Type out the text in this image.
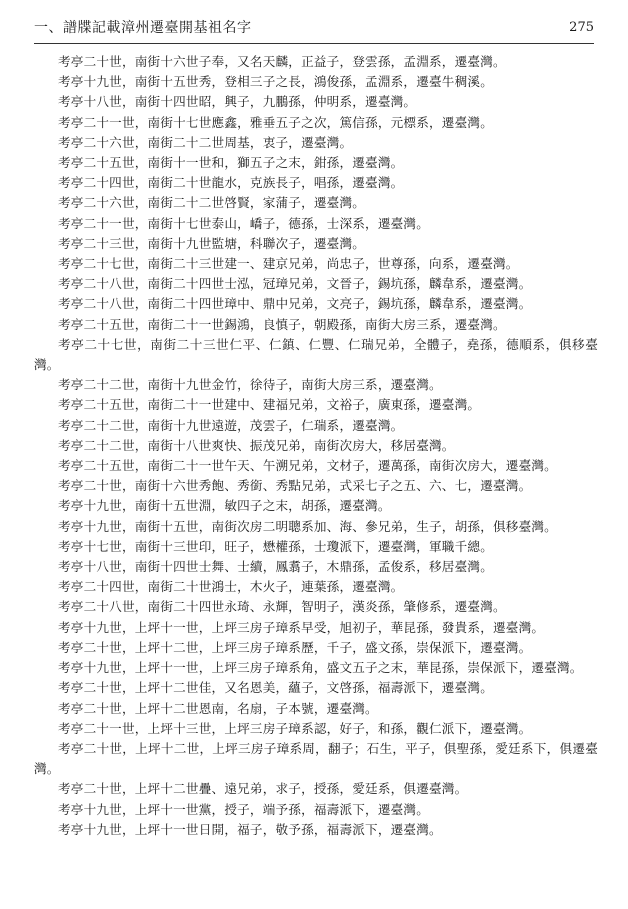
一、譜牒記載漳州遷臺開基祖名字	275
考亭二十世，南街十六世子奉，又名天麟，正益子，登雲孫，孟淵系，遷臺灣。
考亭十九世，南街十五世秀，登相三子之長，鴻俊孫，孟淵系，遷臺牛稠溪。
考亭十八世，南街十四世昭，興子，九鵬孫，仲明系，遷臺灣。
考亭二十一世，南街十七世應鑫，雅垂五子之次，篤信孫，元標系，遷臺灣。
考亭二十六世，南街二十二世周基，衷子，遷臺灣。
考亭二十五世，南街十一世和，獅五子之末，鉗孫，遷臺灣。
考亭二十四世，南街二十世龍水，克族長子，唱孫，遷臺灣。
考亭二十六世，南街二十二世啓賢，家蒲子，遷臺灣。
考亭二十一世，南街十七世泰山，嶠子，德孫，士深系，遷臺灣。
考亭二十三世，南街十九世監塘，科聯次子，遷臺灣。
考亭二十七世，南街二十三世建一、建京兄弟，尚忠子，世尊孫，向系，遷臺灣。
考亭二十八世，南街二十四世士泓，冠璋兄弟，文晉子，錫坑孫，麟韋系，遷臺灣。
考亭二十八世，南街二十四世璋中、鼎中兄弟，文亮子，錫坑孫，麟韋系，遷臺灣。
考亭二十五世，南街二十一世錫鴻，良慎子，朝殿孫，南街大房三系，遷臺灣。
考亭二十七世，南街二十三世仁平、仁鎮、仁豐、仁瑞兄弟，全體子，堯孫，德順系，俱移臺灣。
考亭二十二世，南街十九世金竹，徐待子，南街大房三系，遷臺灣。
考亭二十五世，南街二十一世建中、建福兄弟，文裕子，廣東孫，遷臺灣。
考亭二十二世，南街十九世遠遊，茂雲子，仁瑞系，遷臺灣。
考亭二十二世，南街十八世爽快、振茂兄弟，南街次房大，移居臺灣。
考亭二十五世，南街二十一世午天、午溯兄弟，文材子，遷萬孫，南街次房大，遷臺灣。
考亭二十世，南街十六世秀飽、秀銜、秀點兄弟，式采七子之五、六、七，遷臺灣。
考亭十九世，南街十五世淵，敏四子之末，胡孫，遷臺灣。
考亭十九世，南街十五世，南街次房二明聰系加、海、參兄弟，生子，胡孫，俱移臺灣。
考亭十七世，南街十三世印，旺子，懋權孫，士瓊派下，遷臺灣，軍職千總。
考亭十八世，南街十四世士舞、士續，鳳翥子，木鼎孫，孟俊系，移居臺灣。
考亭二十四世，南街二十世鴻士，木火子，連葉孫，遷臺灣。
考亭二十八世，南街二十四世永琦、永輝，智明子，漢炎孫，肇修系，遷臺灣。
考亭十九世，上坪十一世，上坪三房子璋系早受，旭初子，華昆孫，發貴系，遷臺灣。
考亭二十世，上坪十二世，上坪三房子璋系歷，千子，盛文孫，崇保派下，遷臺灣。
考亭十九世，上坪十一世，上坪三房子璋系角，盛文五子之末，華昆孫，崇保派下，遷臺灣。
考亭二十世，上坪十二世佳，又名恩美，蘊子，文啓孫，福壽派下，遷臺灣。
考亭二十世，上坪十二世恩南，名扇，子本號，遷臺灣。
考亭二十一世，上坪十三世，上坪三房子璋系認，好子，和孫，觀仁派下，遷臺灣。
考亭二十世，上坪十二世，上坪三房子璋系周，翻子；石生，平子，俱聖孫，愛廷系下，俱遷臺灣。
考亭二十世，上坪十二世疊、遠兄弟，求子，授孫，愛廷系，俱遷臺灣。
考亭十九世，上坪十一世黨，授子，端予孫，福壽派下，遷臺灣。
考亭十九世，上坪十一世日開，福子，敬予孫，福壽派下，遷臺灣。
